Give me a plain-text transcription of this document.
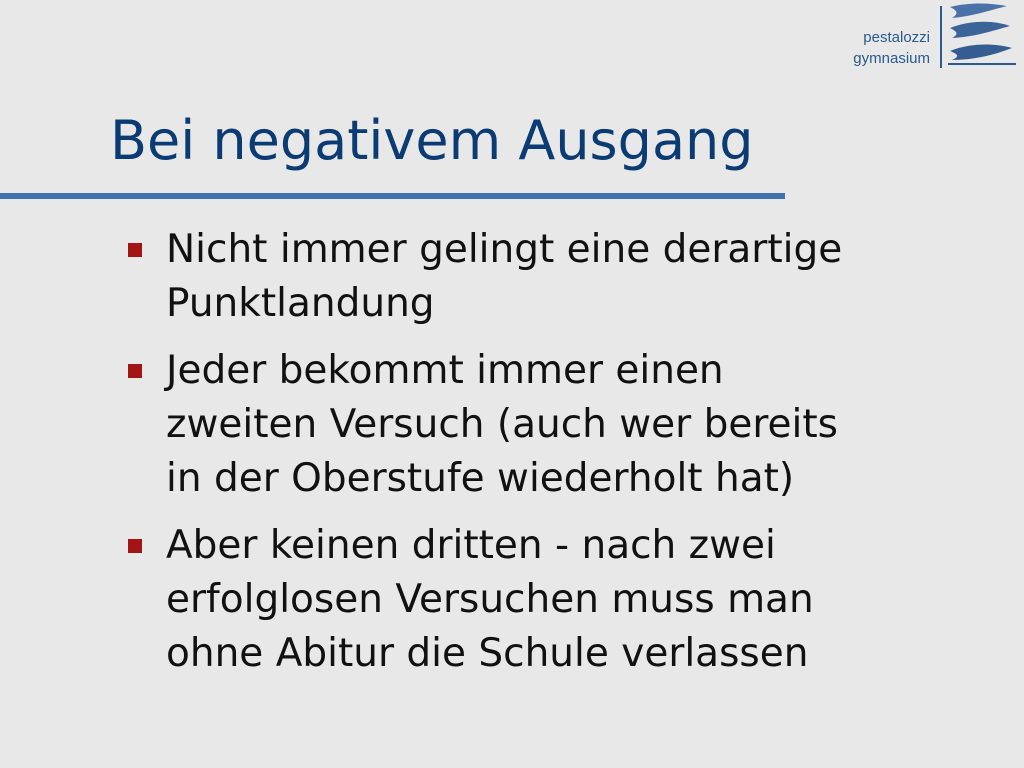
pestalozzi
gymnasium
Bei negativem Ausgang
Nicht immer gelingt eine derartige
Punktlandung
Jeder bekommt immer einen
zweiten Versuch (auch wer bereits
in der Oberstufe wiederholt hat)
Aber keinen dritten - nach zwei
erfolglosen Versuchen muss man
ohne Abitur die Schule verlassen
